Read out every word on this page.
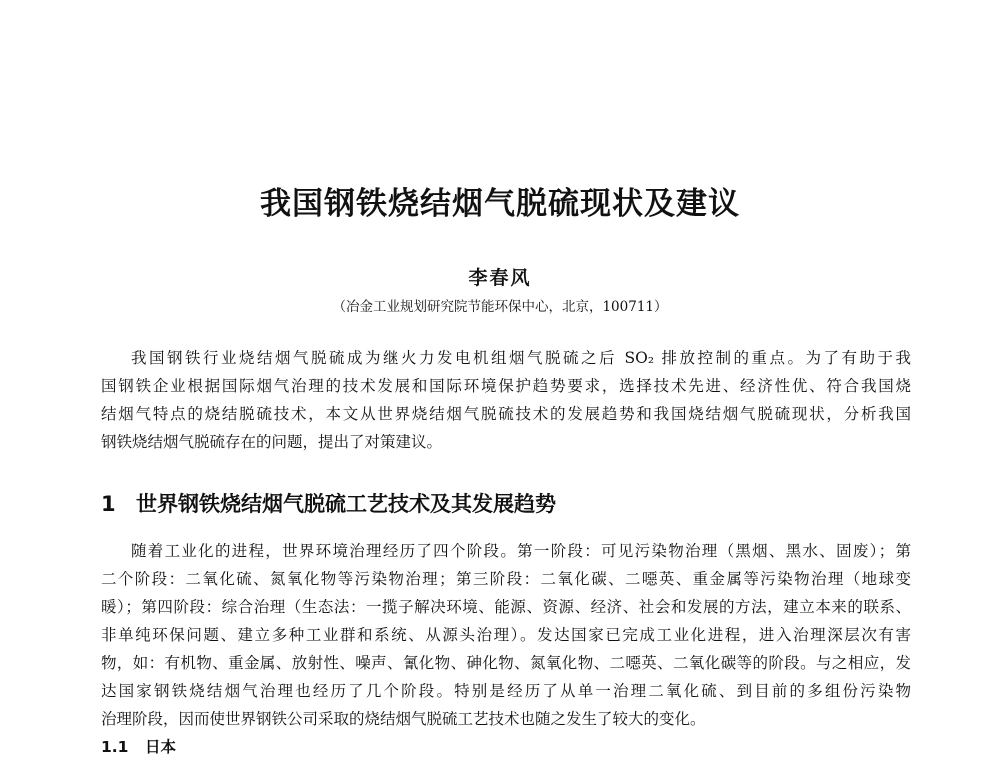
我国钢铁烧结烟气脱硫现状及建议
李春风
（冶金工业规划研究院节能环保中心，北京，100711）
我国钢铁行业烧结烟气脱硫成为继火力发电机组烟气脱硫之后 SO₂ 排放控制的重点。为了有助于我
国钢铁企业根据国际烟气治理的技术发展和国际环境保护趋势要求，选择技术先进、经济性优、符合我国烧
结烟气特点的烧结脱硫技术，本文从世界烧结烟气脱硫技术的发展趋势和我国烧结烟气脱硫现状，分析我国
钢铁烧结烟气脱硫存在的问题，提出了对策建议。
1 世界钢铁烧结烟气脱硫工艺技术及其发展趋势
随着工业化的进程，世界环境治理经历了四个阶段。第一阶段：可见污染物治理（黑烟、黑水、固废）；第
二个阶段：二氧化硫、氮氧化物等污染物治理；第三阶段：二氧化碳、二噁英、重金属等污染物治理（地球变
暖）；第四阶段：综合治理（生态法：一揽子解决环境、能源、资源、经济、社会和发展的方法，建立本来的联系、
非单纯环保问题、建立多种工业群和系统、从源头治理）。发达国家已完成工业化进程，进入治理深层次有害
物，如：有机物、重金属、放射性、噪声、氰化物、砷化物、氮氧化物、二噁英、二氧化碳等的阶段。与之相应，发
达国家钢铁烧结烟气治理也经历了几个阶段。特别是经历了从单一治理二氧化硫、到目前的多组份污染物
治理阶段，因而使世界钢铁公司采取的烧结烟气脱硫工艺技术也随之发生了较大的变化。
1.1 日本
